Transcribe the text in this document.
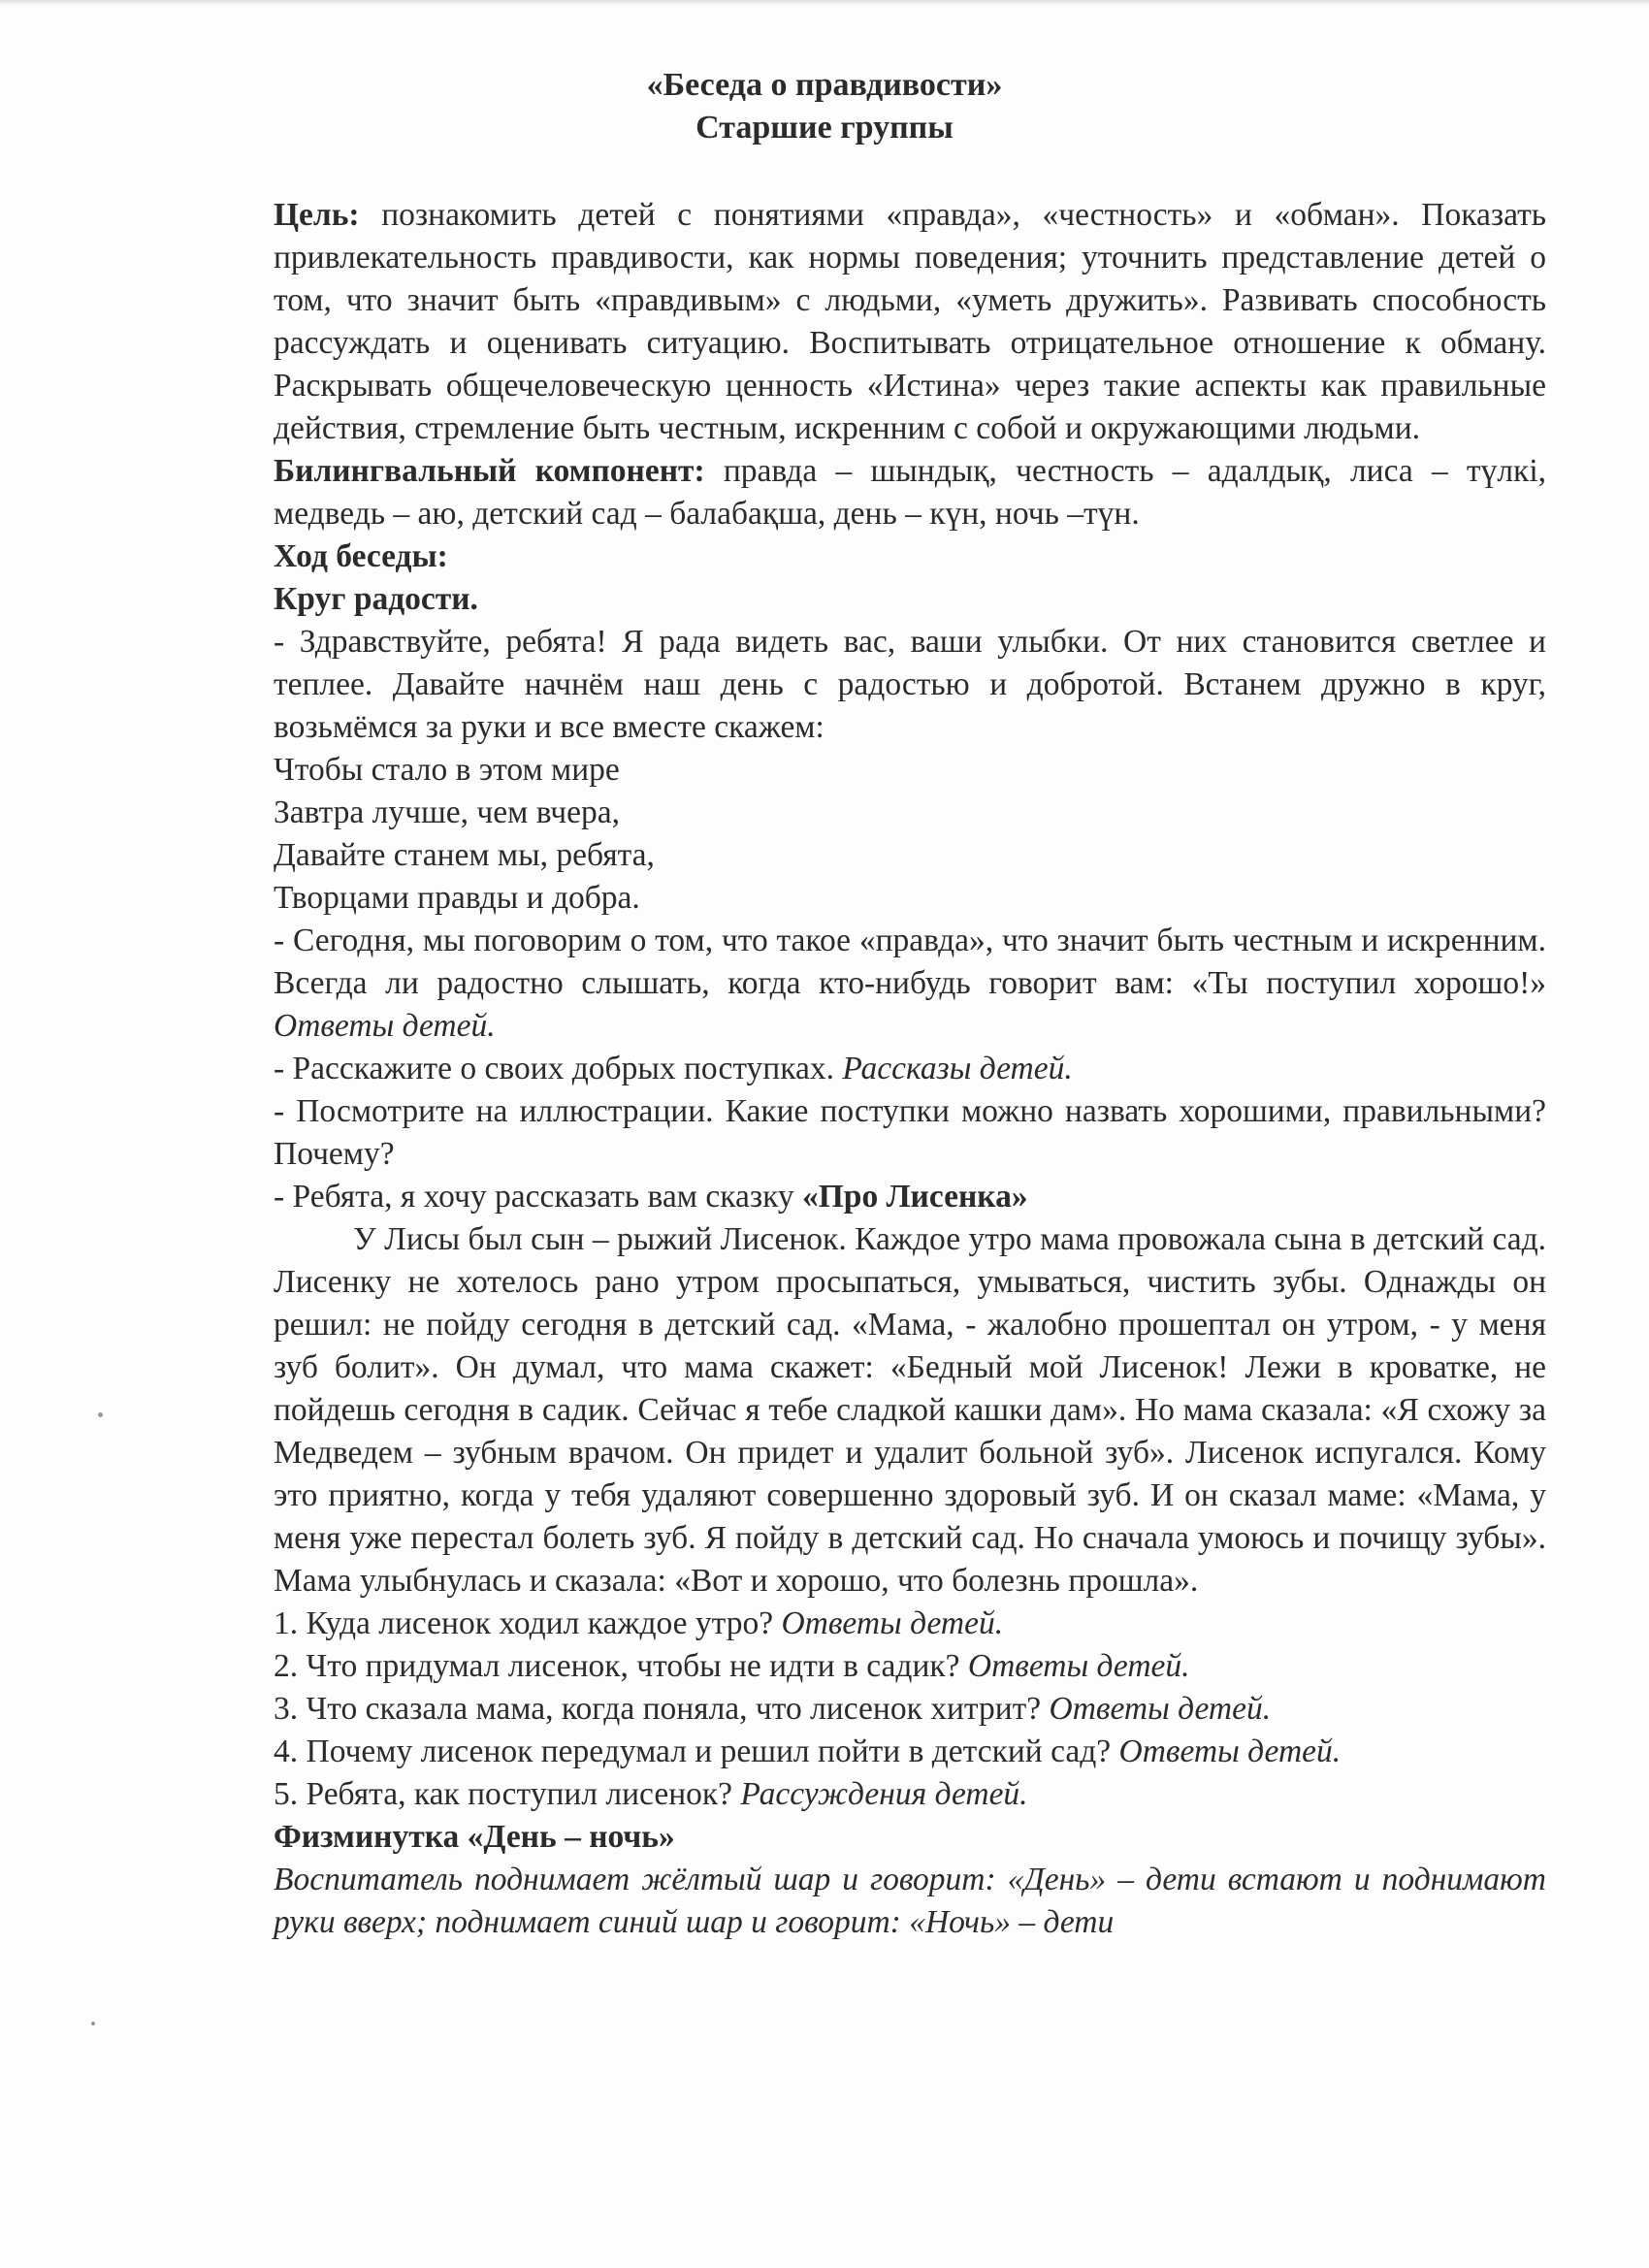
«Беседа о правдивости»
Старшие группы

Цель: познакомить детей с понятиями «правда», «честность» и «обман». Показать привлекательность правдивости, как нормы поведения; уточнить представление детей о том, что значит быть «правдивым» с людьми, «уметь дружить». Развивать способность рассуждать и оценивать ситуацию. Воспитывать отрицательное отношение к обману. Раскрывать общечеловеческую ценность «Истина» через такие аспекты как правильные действия, стремление быть честным, искренним с собой и окружающими людьми.

Билингвальный компонент: правда – шындық, честность – адалдық, лиса – түлкі, медведь – аю, детский сад – балабақша, день – күн, ночь –түн.

Ход беседы:

Круг радости.

- Здравствуйте, ребята! Я рада видеть вас, ваши улыбки. От них становится светлее и теплее. Давайте начнём наш день с радостью и добротой. Встанем дружно в круг, возьмёмся за руки и все вместе скажем:

Чтобы стало в этом мире

Завтра лучше, чем вчера,

Давайте станем мы, ребята,

Творцами правды и добра.

- Сегодня, мы поговорим о том, что такое «правда», что значит быть честным и искренним. Всегда ли радостно слышать, когда кто-нибудь говорит вам: «Ты поступил хорошо!» Ответы детей.

- Расскажите о своих добрых поступках. Рассказы детей.

- Посмотрите на иллюстрации. Какие поступки можно назвать хорошими, правильными? Почему?

- Ребята, я хочу рассказать вам сказку «Про Лисенка»

У Лисы был сын – рыжий Лисенок. Каждое утро мама провожала сына в детский сад. Лисенку не хотелось рано утром просыпаться, умываться, чистить зубы. Однажды он решил: не пойду сегодня в детский сад. «Мама, - жалобно прошептал он утром, - у меня зуб болит». Он думал, что мама скажет: «Бедный мой Лисенок! Лежи в кроватке, не пойдешь сегодня в садик. Сейчас я тебе сладкой кашки дам». Но мама сказала: «Я схожу за Медведем – зубным врачом. Он придет и удалит больной зуб». Лисенок испугался. Кому это приятно, когда у тебя удаляют совершенно здоровый зуб. И он сказал маме: «Мама, у меня уже перестал болеть зуб. Я пойду в детский сад. Но сначала умоюсь и почищу зубы». Мама улыбнулась и сказала: «Вот и хорошо, что болезнь прошла».

1. Куда лисенок ходил каждое утро? Ответы детей.

2. Что придумал лисенок, чтобы не идти в садик? Ответы детей.

3. Что сказала мама, когда поняла, что лисенок хитрит? Ответы детей.

4. Почему лисенок передумал и решил пойти в детский сад? Ответы детей.

5. Ребята, как поступил лисенок? Рассуждения детей.

Физминутка «День – ночь»

Воспитатель поднимает жёлтый шар и говорит: «День» – дети встают и поднимают руки вверх; поднимает синий шар и говорит: «Ночь» – дети
